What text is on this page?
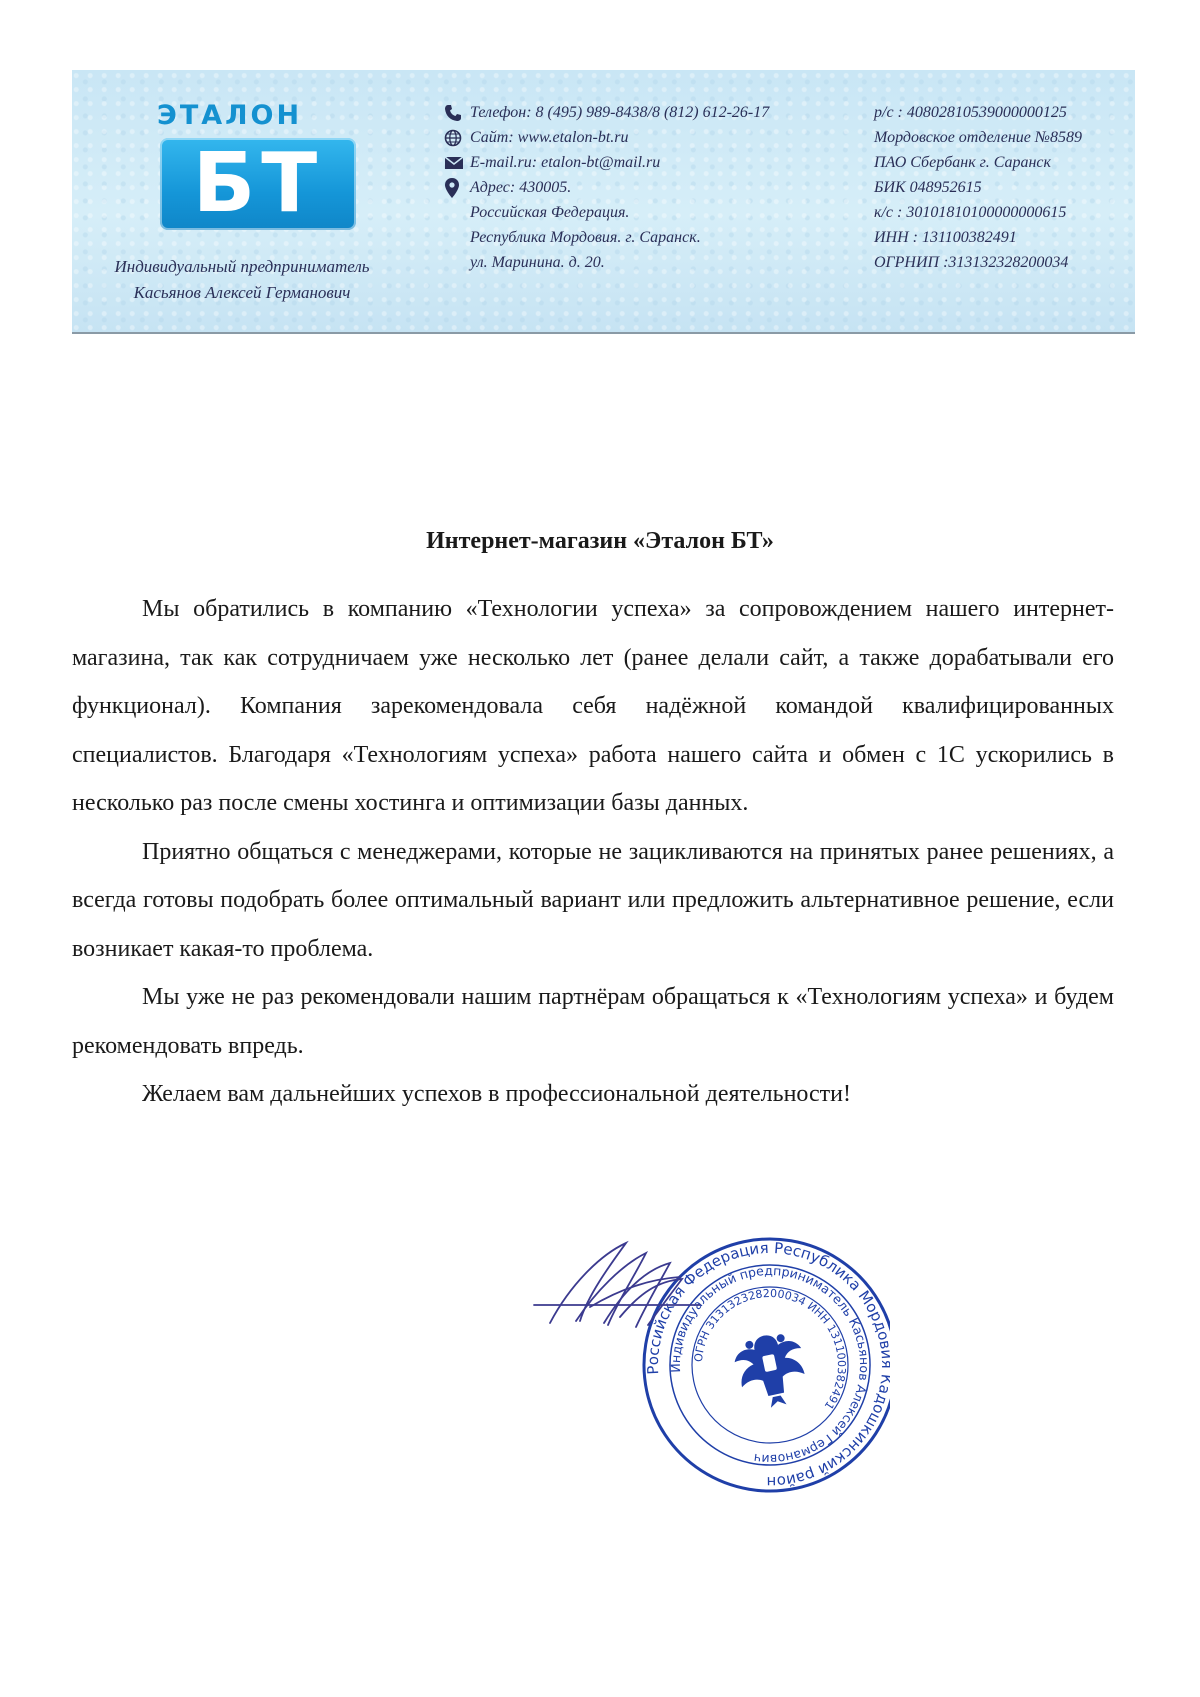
ЭТАЛОН
БТ
Индивидуальный предприниматель
Касьянов Алексей Германович
Телефон: 8 (495) 989-8438/8 (812) 612-26-17
Сайт: www.etalon-bt.ru
E-mail.ru: etalon-bt@mail.ru
Адрес: 430005.
Российская Федерация.
Республика Мордовия. г. Саранск.
ул. Маринина. д. 20.
р/с : 40802810539000000125
Мордовское отделение №8589
ПАО Сбербанк г. Саранск
БИК 048952615
к/с : 30101810100000000615
ИНН : 131100382491
ОГРНИП :313132328200034
Интернет-магазин «Эталон БТ»

Мы обратились в компанию «Технологии успеха» за сопровождением нашего интернет-магазина, так как сотрудничаем уже несколько лет (ранее делали сайт, а также дорабатывали его функционал). Компания зарекомендовала себя надёжной командой квалифицированных специалистов. Благодаря «Технологиям успеха» работа нашего сайта и обмен с 1С ускорились в несколько раз после смены хостинга и оптимизации базы данных.

Приятно общаться с менеджерами, которые не зацикливаются на принятых ранее решениях, а всегда готовы подобрать более оптимальный вариант или предложить альтернативное решение, если возникает какая-то проблема.

Мы уже не раз рекомендовали нашим партнёрам обращаться к «Технологиям успеха» и будем рекомендовать впредь.

Желаем вам дальнейших успехов в профессиональной деятельности!

Российская Федерация Республика Мордовия Кадошкинский район
Индивидуальный предприниматель Касьянов Алексей Германович
ОГРН 313132328200034 ИНН 131100382491
